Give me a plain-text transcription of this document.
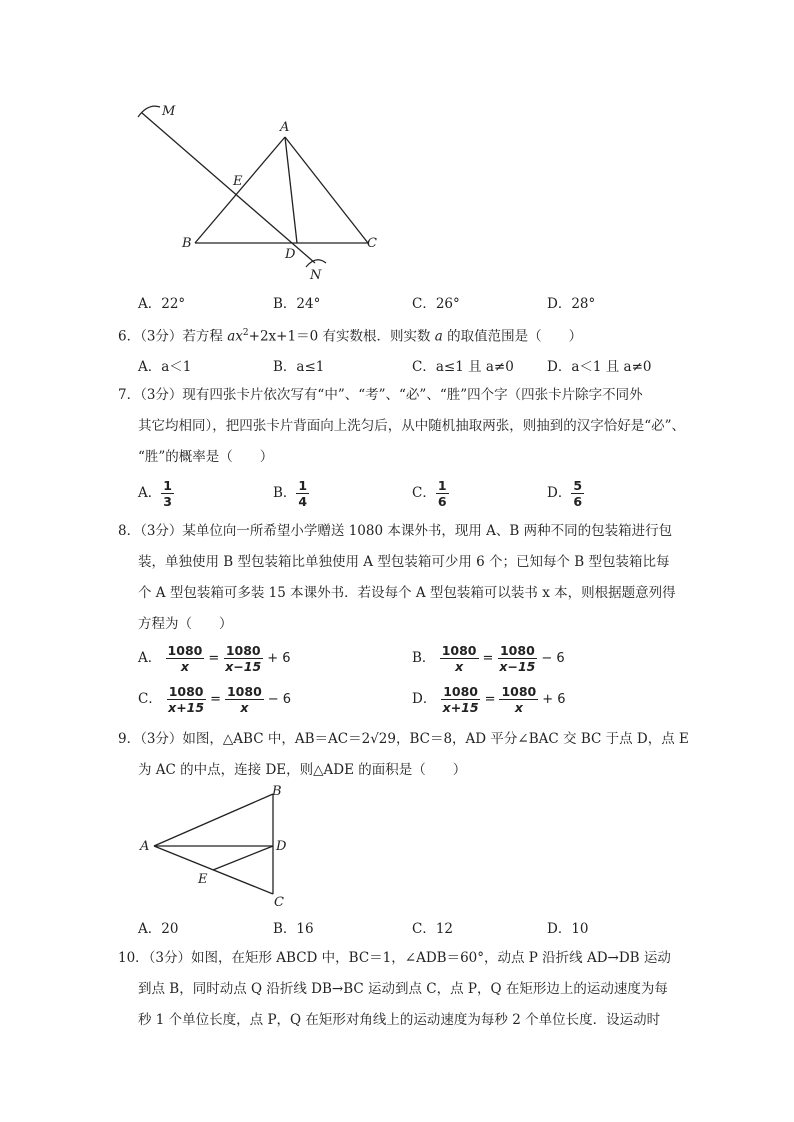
M
A
E
B
D
C
N
A．22°	B．24°	C．26°	D．28°
6．（3分）若方程 $ax^2+2x+1=0$ 有实数根．则实数 a 的取值范围是（　　）
A．a＜1	B．a≤1	C．a≤1 且 a≠0 D．a＜1 且 a≠0
7．（3分）现有四张卡片依次写有“中”、“考”、“必”、“胜”四个字（四张卡片除字不同外
其它均相同），把四张卡片背面向上洗匀后，从中随机抽取两张，则抽到的汉字恰好是“必”、
“胜”的概率是（　　）
A． $\frac{1}{3}$	B． $\frac{1}{4}$	C． $\frac{1}{6}$	D． $\frac{5}{6}$
8．（3分）某单位向一所希望小学赠送 1080 本课外书，现用 A、B 两种不同的包装箱进行包
装，单独使用 B 型包装箱比单独使用 A 型包装箱可少用 6 个；已知每个 B 型包装箱比每
个 A 型包装箱可多装 15 本课外书．若设每个 A 型包装箱可以装书 x 本，则根据题意列得
方程为（　　）
A． $\frac{1080}{x} = \frac{1080}{x-15} + 6$	B． $\frac{1080}{x} = \frac{1080}{x-15} - 6$
C． $\frac{1080}{x+15} = \frac{1080}{x} - 6$	D． $\frac{1080}{x+15} = \frac{1080}{x} + 6$
9．（3分）如图，△ABC 中，AB＝AC＝2√29，BC＝8，AD 平分∠BAC 交 BC 于点 D，点 E
为 AC 的中点，连接 DE，则△ADE 的面积是（　　）
A
B
D
E
C
A．20	B．16	C．12	D．10
10．（3分）如图，在矩形 ABCD 中，BC＝1，∠ADB＝60°，动点 P 沿折线 AD→DB 运动
到点 B，同时动点 Q 沿折线 DB→BC 运动到点 C，点 P，Q 在矩形边上的运动速度为每
秒 1 个单位长度，点 P，Q 在矩形对角线上的运动速度为每秒 2 个单位长度．设运动时
